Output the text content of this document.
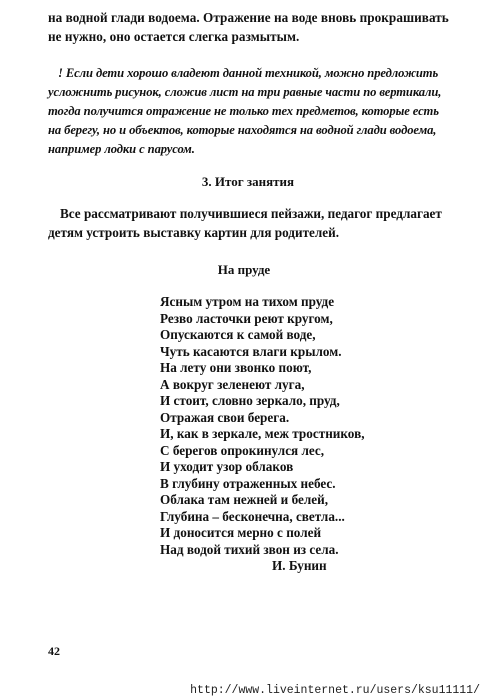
на водной глади водоема. Отражение на воде вновь прокрашивать
не нужно, оно остается слегка размытым.
! Если дети хорошо владеют данной техникой, можно предложить
усложнить рисунок, сложив лист на три равные части по вертикали,
тогда получится отражение не только тех предметов, которые есть
на берегу, но и объектов, которые находятся на водной глади водоема,
например лодки с парусом.
3. Итог занятия
Все рассматривают получившиеся пейзажи, педагог предлагает
детям устроить выставку картин для родителей.
На пруде
Ясным утром на тихом пруде
Резво ласточки реют кругом,
Опускаются к самой воде,
Чуть касаются влаги крылом.
На лету они звонко поют,
А вокруг зеленеют луга,
И стоит, словно зеркало, пруд,
Отражая свои берега.
И, как в зеркале, меж тростников,
С берегов опрокинулся лес,
И уходит узор облаков
В глубину отраженных небес.
Облака там нежней и белей,
Глубина – бесконечна, светла...
И доносится мерно с полей
Над водой тихий звон из села.
И. Бунин
42
http://www.liveinternet.ru/users/ksu11111/
